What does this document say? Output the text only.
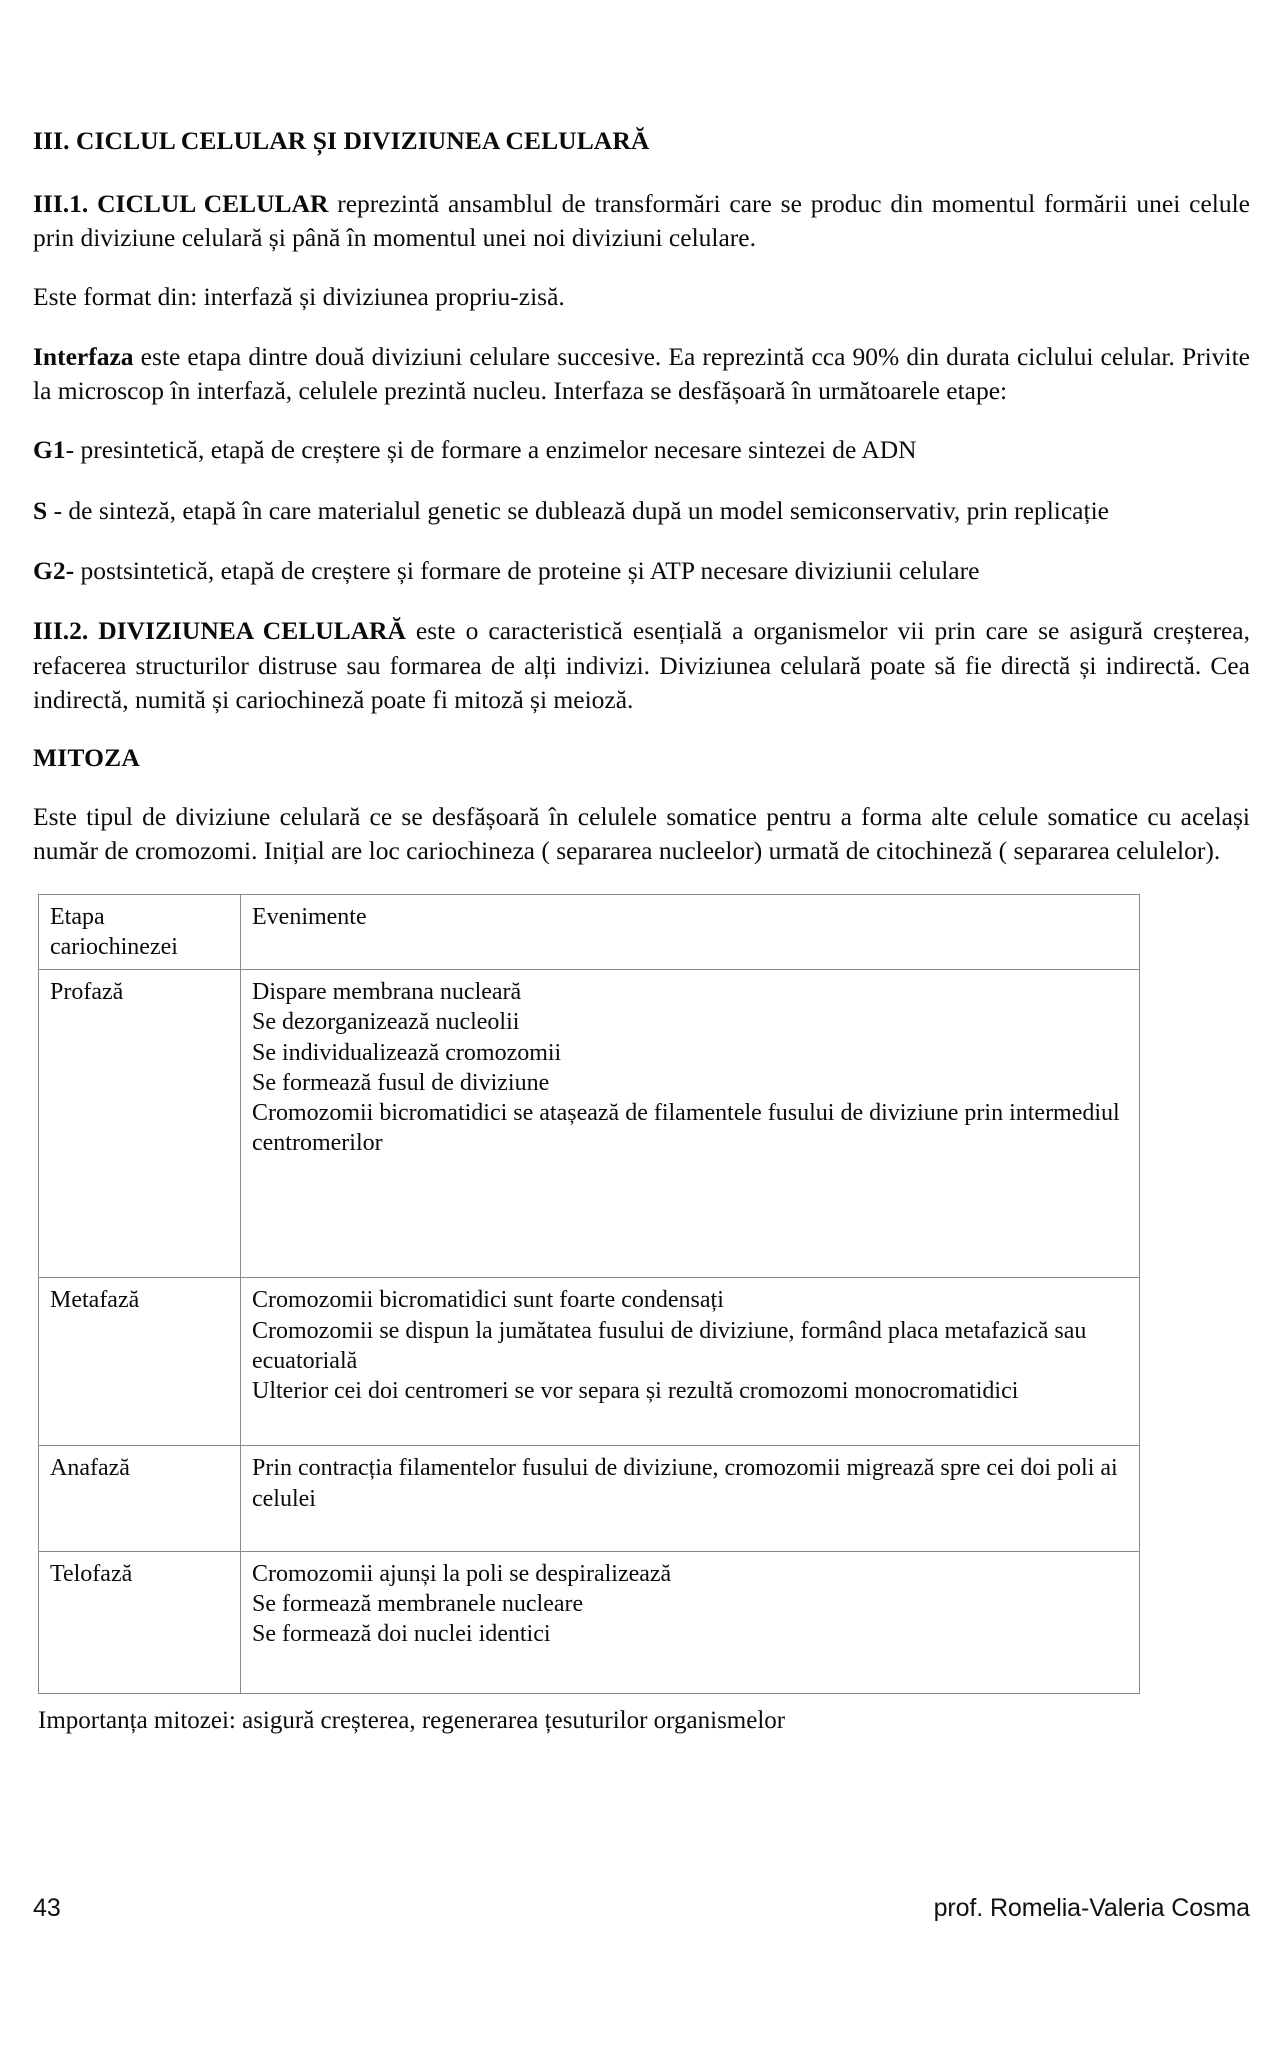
III. CICLUL CELULAR ȘI DIVIZIUNEA CELULARĂ

III.1. CICLUL CELULAR reprezintă ansamblul de transformări care se produc din momentul formării unei celule prin diviziune celulară și până în momentul unei noi diviziuni celulare.

Este format din: interfază și diviziunea propriu-zisă.

Interfaza este etapa dintre două diviziuni celulare succesive. Ea reprezintă cca 90% din durata ciclului celular. Privite la microscop în interfază, celulele prezintă nucleu. Interfaza se desfășoară în următoarele etape:

G1- presintetică, etapă de creștere și de formare a enzimelor necesare sintezei de ADN

S - de sinteză, etapă în care materialul genetic se dublează după un model semiconservativ, prin replicație

G2- postsintetică, etapă de creștere și formare de proteine și ATP necesare diviziunii celulare

III.2. DIVIZIUNEA CELULARĂ este o caracteristică esențială a organismelor vii prin care se asigură creșterea, refacerea structurilor distruse sau formarea de alți indivizi. Diviziunea celulară poate să fie directă și indirectă. Cea indirectă, numită și cariochineză poate fi mitoză și meioză.

MITOZA

Este tipul de diviziune celulară ce se desfășoară în celulele somatice pentru a forma alte celule somatice cu același număr de cromozomi. Inițial are loc cariochineza ( separarea nucleelor) urmată de citochineză ( separarea celulelor).

Etapa
cariochinezei	Evenimente
Profază	Dispare membrana nucleară
Se dezorganizează nucleolii
Se individualizează cromozomii
Se formează fusul de diviziune
Cromozomii bicromatidici se atașează de filamentele fusului de diviziune prin intermediul centromerilor

Metafază	Cromozomii bicromatidici sunt foarte condensați
Cromozomii se dispun la jumătatea fusului de diviziune, formând placa metafazică sau ecuatorială
Ulterior cei doi centromeri se vor separa și rezultă cromozomi monocromatidici

Anafază	Prin contracția filamentelor fusului de diviziune, cromozomii migrează spre cei doi poli ai celulei

Telofază	Cromozomii ajunși la poli se despiralizează
Se formează membranele nucleare
Se formează doi nuclei identici

Importanța mitozei: asigură creșterea, regenerarea țesuturilor organismelor

43	prof. Romelia-Valeria Cosma
